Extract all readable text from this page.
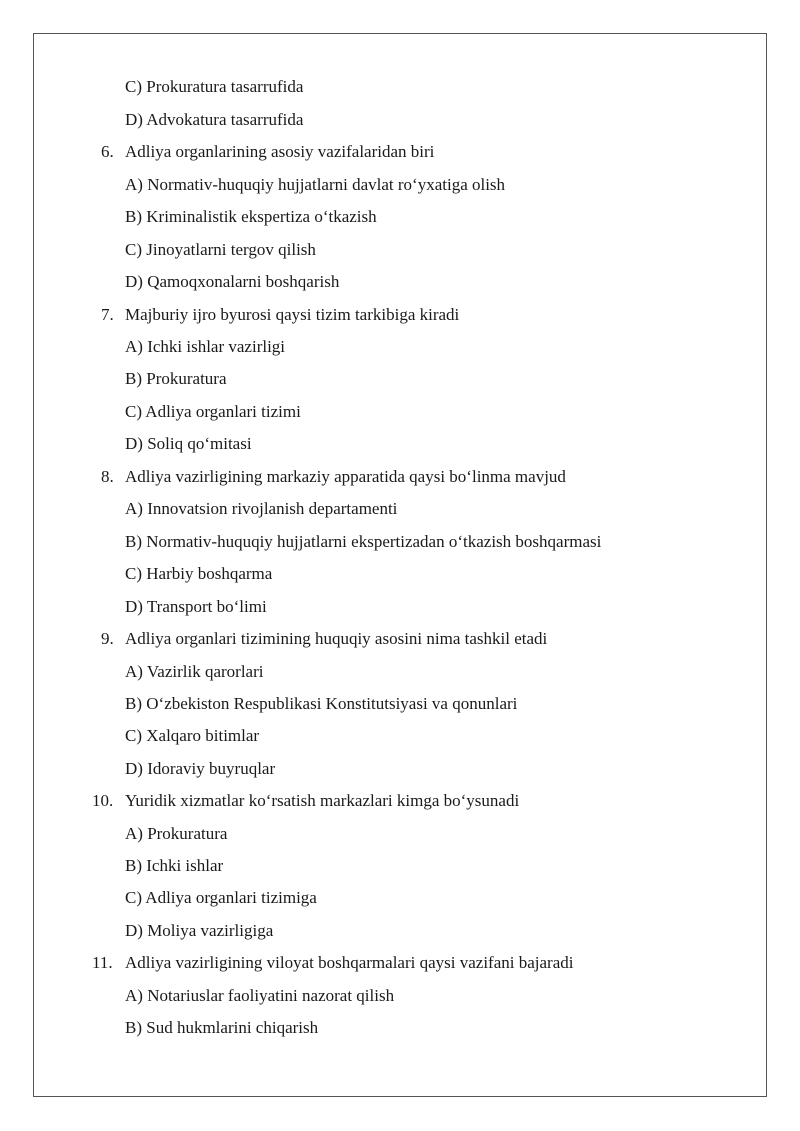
C) Prokuratura tasarrufida
D) Advokatura tasarrufida
6. Adliya organlarining asosiy vazifalaridan biri
A) Normativ-huquqiy hujjatlarni davlat ro‘yxatiga olish
B) Kriminalistik ekspertiza o‘tkazish
C) Jinoyatlarni tergov qilish
D) Qamoqxonalarni boshqarish
7. Majburiy ijro byurosi qaysi tizim tarkibiga kiradi
A) Ichki ishlar vazirligi
B) Prokuratura
C) Adliya organlari tizimi
D) Soliq qo‘mitasi
8. Adliya vazirligining markaziy apparatida qaysi bo‘linma mavjud
A) Innovatsion rivojlanish departamenti
B) Normativ-huquqiy hujjatlarni ekspertizadan o‘tkazish boshqarmasi
C) Harbiy boshqarma
D) Transport bo‘limi
9. Adliya organlari tizimining huquqiy asosini nima tashkil etadi
A) Vazirlik qarorlari
B) O‘zbekiston Respublikasi Konstitutsiyasi va qonunlari
C) Xalqaro bitimlar
D) Idoraviy buyruqlar
10. Yuridik xizmatlar ko‘rsatish markazlari kimga bo‘ysunadi
A) Prokuratura
B) Ichki ishlar
C) Adliya organlari tizimiga
D) Moliya vazirligiga
11. Adliya vazirligining viloyat boshqarmalari qaysi vazifani bajaradi
A) Notariuslar faoliyatini nazorat qilish
B) Sud hukmlarini chiqarish
